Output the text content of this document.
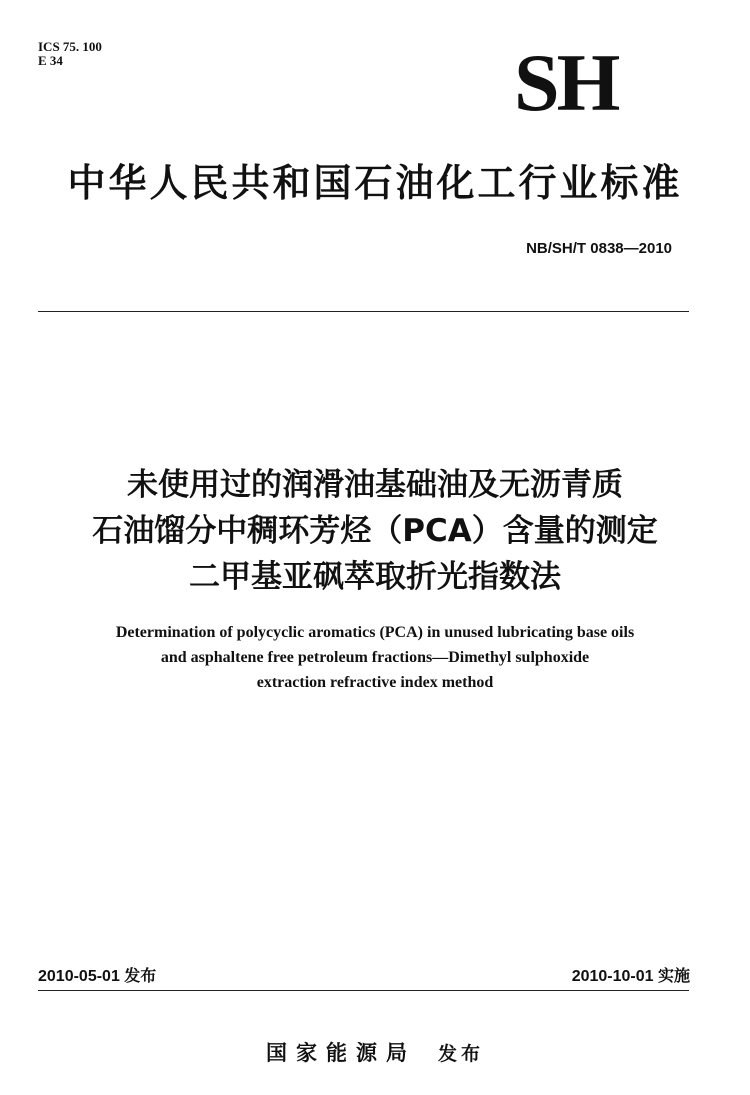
ICS 75. 100
E 34	SH
中华人民共和国石油化工行业标准
NB/SH/T 0838—2010
未使用过的润滑油基础油及无沥青质
石油馏分中稠环芳烃（PCA）含量的测定
二甲基亚砜萃取折光指数法
Determination of polycyclic aromatics (PCA) in unused lubricating base oils
and asphaltene free petroleum fractions—Dimethyl sulphoxide
extraction refractive index method
2010-05-01 发布	2010-10-01 实施
国家能源局 发布
